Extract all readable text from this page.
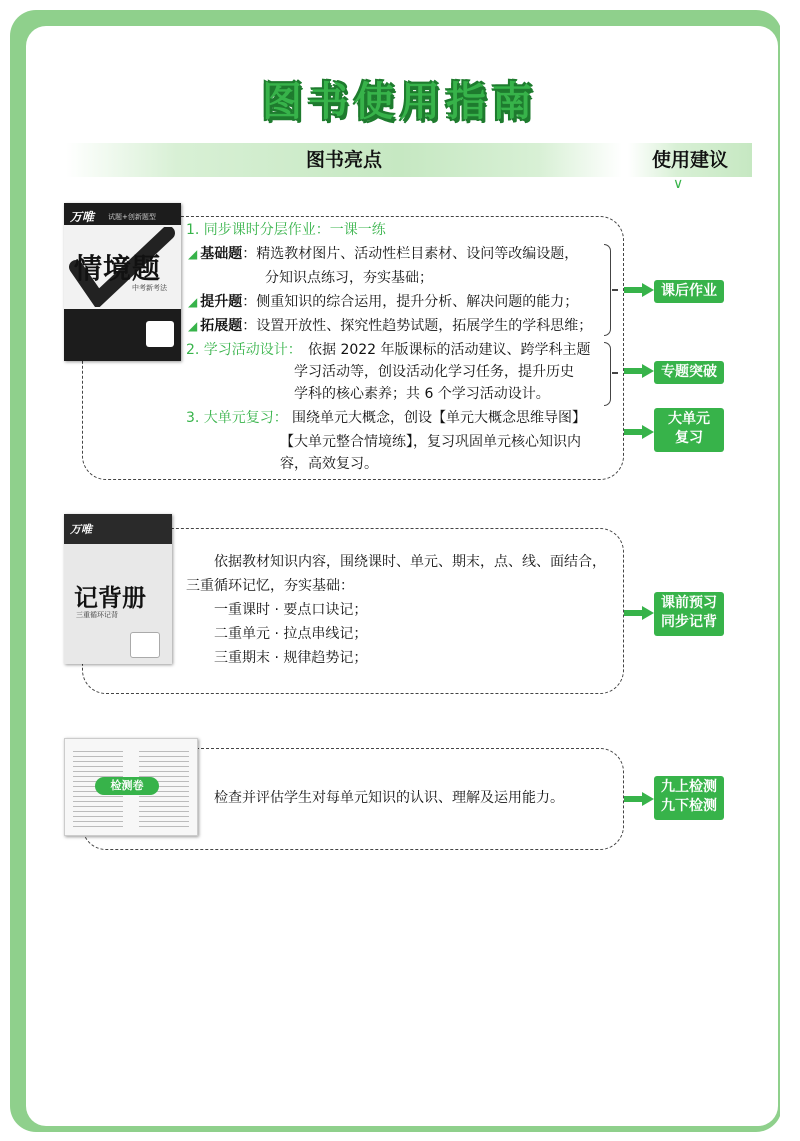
图书使用指南
图书亮点	使用建议
∨
万唯 试题+创新题型
情境题
中考新考法
1. 同步课时分层作业：一课一练
◢ 基础题：精选教材图片、活动性栏目素材、设问等改编设题，
分知识点练习，夯实基础；
◢ 提升题：侧重知识的综合运用，提升分析、解决问题的能力；
◢ 拓展题：设置开放性、探究性趋势试题，拓展学生的学科思维；
2. 学习活动设计： 依据 2022 年版课标的活动建议、跨学科主题
学习活动等，创设活动化学习任务，提升历史
学科的核心素养；共 6 个学习活动设计。
3. 大单元复习： 围绕单元大概念，创设【单元大概念思维导图】
【大单元整合情境练】，复习巩固单元核心知识内
容，高效复习。
课后作业
专题突破
大单元
复习
万唯
记背册
三重循环记背
依据教材知识内容，围绕课时、单元、期末，点、线、面结合，
三重循环记忆，夯实基础：
一重课时 · 要点口诀记；
二重单元 · 拉点串线记；
三重期末 · 规律趋势记；
课前预习
同步记背
检测卷
检查并评估学生对每单元知识的认识、理解及运用能力。
九上检测
九下检测
